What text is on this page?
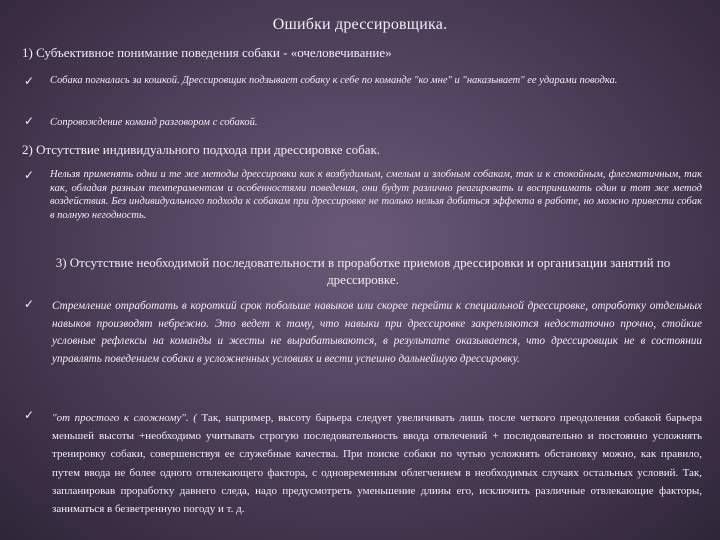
Ошибки дрессировщика.
1) Субъективное понимание поведения собаки - «очеловечивание»
✓ Собака погналась за кошкой. Дрессировщик подзывает собаку к себе по команде "ко мне" и "наказывает" ее ударами поводка.
✓ Сопровождение команд разговором с собакой.
2) Отсутствие индивидуального подхода при дрессировке собак.
✓ Нельзя применять одни и те же методы дрессировки как к возбудимым, смелым и злобным собакам, так и к спокойным, флегматичным, так как, обладая разным темпераментом и особенностями поведения, они будут различно реагировать и воспринимать один и тот же метод воздействия. Без индивидуального подхода к собакам при дрессировке не только нельзя добиться эффекта в работе, но можно привести собак в полную негодность.
3) Отсутствие необходимой последовательности в проработке приемов дрессировки и организации занятий по дрессировке.
✓ Стремление отработать в короткий срок побольше навыков или скорее перейти к специальной дрессировке, отработку отдельных навыков производят небрежно. Это ведет к тому, что навыки при дрессировке закрепляются недостаточно прочно, стойкие условные рефлексы на команды и жесты не вырабатываются, в результате оказывается, что дрессировщик не в состоянии управлять поведением собаки в усложненных условиях и вести успешно дальнейшую дрессировку.
✓ "от простого к сложному". ( Так, например, высоту барьера следует увеличивать лишь после четкого преодоления собакой барьера меньшей высоты +необходимо учитывать строгую последовательность ввода отвлечений + последовательно и постоянно усложнять тренировку собаки, совершенствуя ее служебные качества. При поиске собаки по чутью усложнять обстановку можно, как правило, путем ввода не более одного отвлекающего фактора, с одновременным облегчением в необходимых случаях остальных условий. Так, запланировав проработку давнего следа, надо предусмотреть уменьшение длины его, исключить различные отвлекающие факторы, заниматься в безветренную погоду и т. д.
